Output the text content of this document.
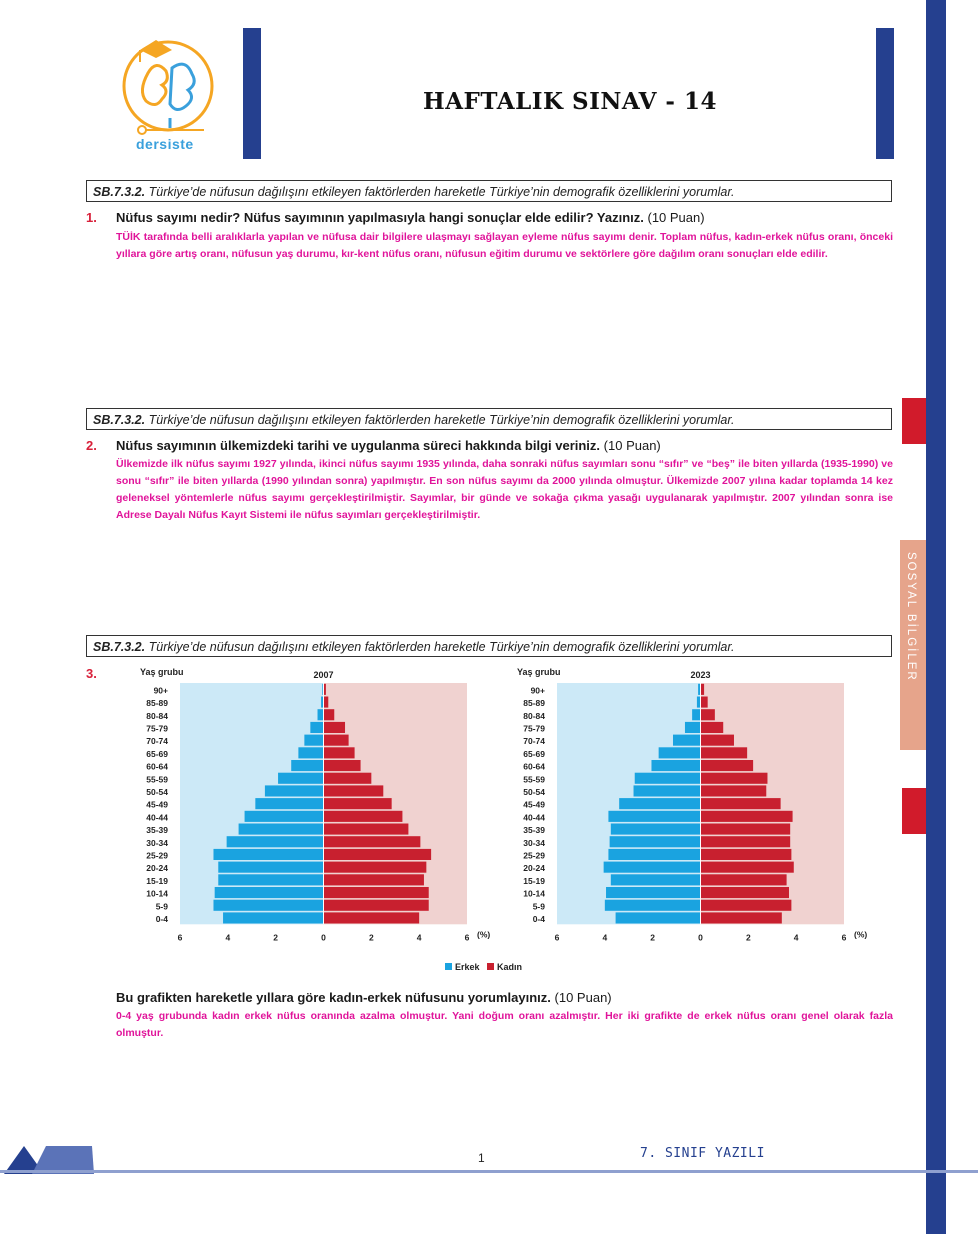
dersiste
HAFTALIK SINAV - 14
SOSYAL BİLGİLER
SB.7.3.2. Türkiye’de nüfusun dağılışını etkileyen faktörlerden hareketle Türkiye’nin demografik özelliklerini yorumlar.
1. Nüfus sayımı nedir? Nüfus sayımının yapılmasıyla hangi sonuçlar elde edilir? Yazınız. (10 Puan)
TÜİK tarafında belli aralıklarla yapılan ve nüfusa dair bilgilere ulaşmayı sağlayan eyleme nüfus sayımı denir. Toplam nüfus, kadın-erkek nüfus oranı, önceki yıllara göre artış oranı, nüfusun yaş durumu, kır-kent nüfus oranı, nüfusun eğitim durumu ve sektörlere göre dağılım oranı sonuçları elde edilir.
SB.7.3.2. Türkiye’de nüfusun dağılışını etkileyen faktörlerden hareketle Türkiye’nin demografik özelliklerini yorumlar.
2. Nüfus sayımının ülkemizdeki tarihi ve uygulanma süreci hakkında bilgi veriniz. (10 Puan)
Ülkemizde ilk nüfus sayımı 1927 yılında, ikinci nüfus sayımı 1935 yılında, daha sonraki nüfus sayımları sonu “sıfır” ve “beş” ile biten yıllarda (1935-1990) ve sonu “sıfır” ile biten yıllarda (1990 yılından sonra) yapılmıştır. En son nüfus sayımı da 2000 yılında olmuştur. Ülkemizde 2007 yılına kadar toplamda 14 kez geleneksel yöntemlerle nüfus sayımı gerçekleştirilmiştir. Sayımlar, bir günde ve sokağa çıkma yasağı uygulanarak yapılmıştır. 2007 yılından sonra ise Adrese Dayalı Nüfus Kayıt Sistemi ile nüfus sayımları gerçekleştirilmiştir.
SB.7.3.2. Türkiye’de nüfusun dağılışını etkileyen faktörlerden hareketle Türkiye’nin demografik özelliklerini yorumlar.
3.	Yaş grubu	2007
90+
85-89
80-84
75-79
70-74
65-69
60-64
55-59
50-54
45-49
40-44
35-39
30-34
25-29
20-24
15-19
10-14
5-9
0-4
6	4	2	0	2	4	6 (%)
Yaş grubu	2023
90+
85-89
80-84
75-79
70-74
65-69
60-64
55-59
50-54
45-49
40-44
35-39
30-34
25-29
20-24
15-19
10-14
5-9
0-4
6	4	2	0	2	4	6 (%)
Erkek Kadın
Bu grafikten hareketle yıllara göre kadın-erkek nüfusunu yorumlayınız. (10 Puan)
0-4 yaş grubunda kadın erkek nüfus oranında azalma olmuştur. Yani doğum oranı azalmıştır. Her iki grafikte de erkek nüfus oranı genel olarak fazla olmuştur.
1	7. SINIF YAZILI
